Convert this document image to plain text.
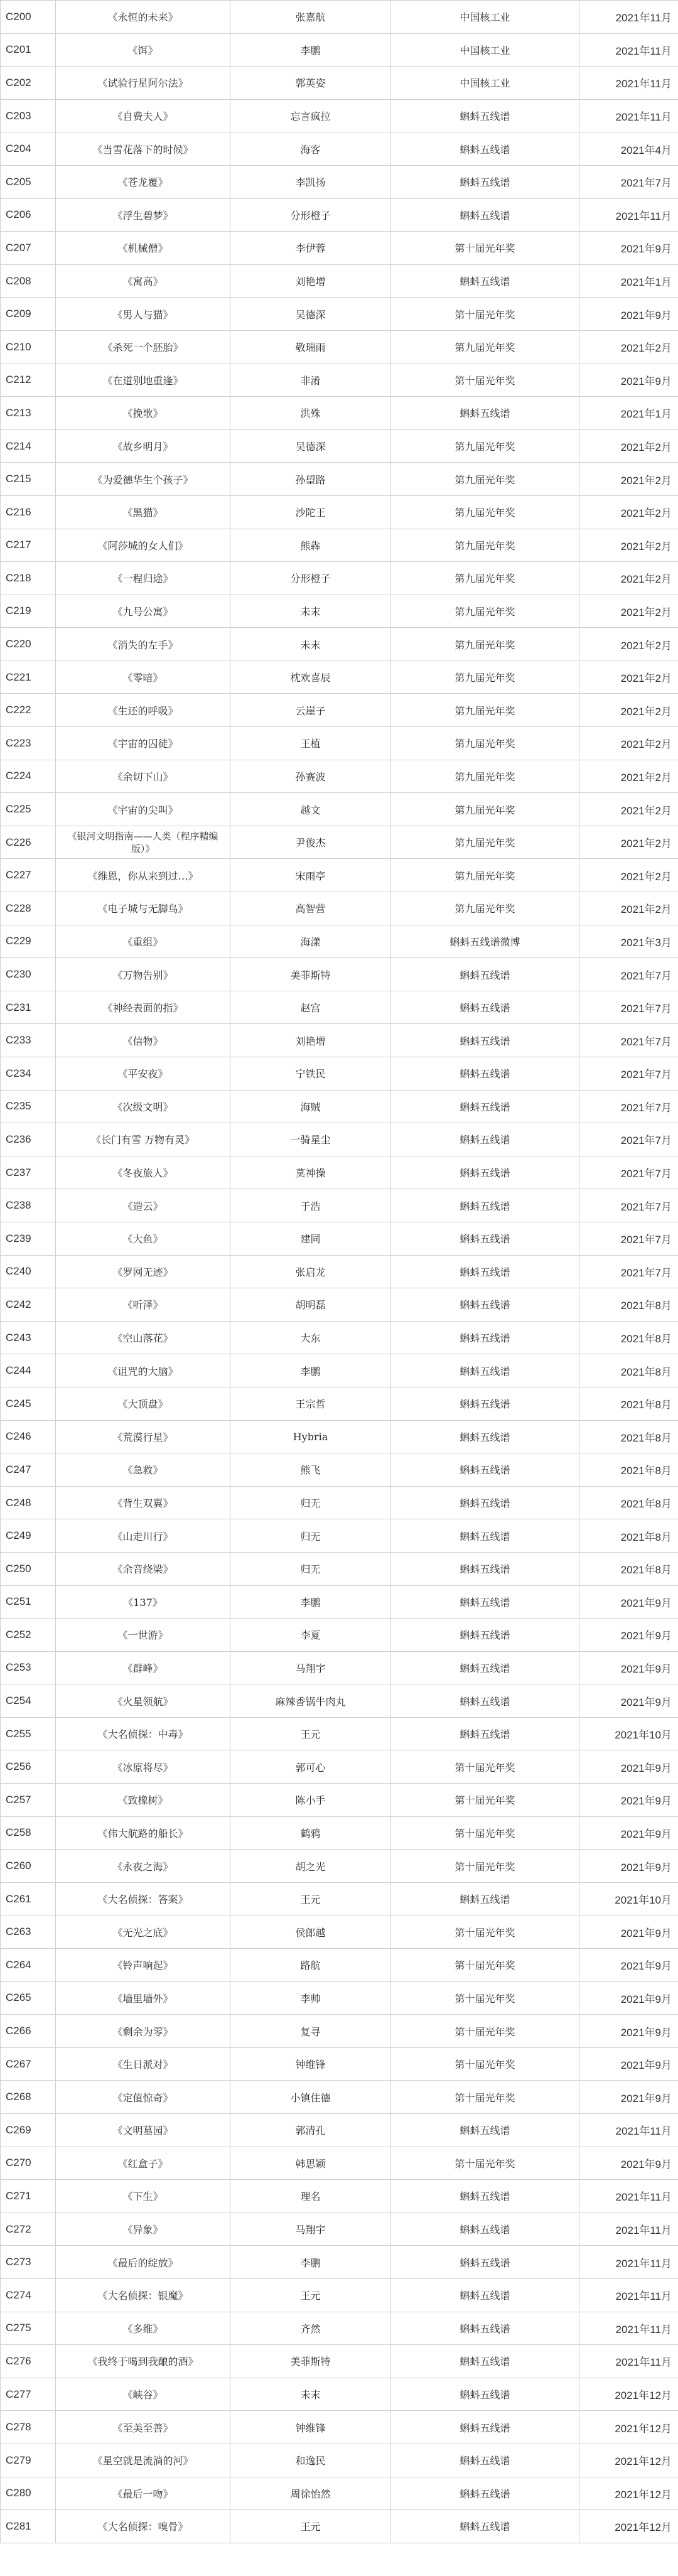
C200	《永恒的未来》	张嘉航	中国核工业	2021年11月
C201	《饵》	李鹏	中国核工业	2021年11月
C202	《试验行星阿尔法》	郭英姿	中国核工业	2021年11月
C203	《自费夫人》	忘言疯拉	蝌蚪五线谱	2021年11月
C204	《当雪花落下的时候》	海客	蝌蚪五线谱	2021年4月
C205	《苍龙覆》	李凯扬	蝌蚪五线谱	2021年7月
C206	《浮生碧梦》	分形橙子	蝌蚪五线谱	2021年11月
C207	《机械僧》	李伊蓉	第十届光年奖	2021年9月
C208	《寓高》	刘艳增	蝌蚪五线谱	2021年1月
C209	《男人与猫》	吴德深	第十届光年奖	2021年9月
C210	《杀死一个胚胎》	敬瑞雨	第九届光年奖	2021年2月
C212	《在道别地重逢》	非淆	第十届光年奖	2021年9月
C213	《挽歌》	洪殊	蝌蚪五线谱	2021年1月
C214	《故乡明月》	吴德深	第九届光年奖	2021年2月
C215	《为爱德华生个孩子》	孙望路	第九届光年奖	2021年2月
C216	《黑猫》	沙陀王	第九届光年奖	2021年2月
C217	《阿莎城的女人们》	熊犇	第九届光年奖	2021年2月
C218	《一程归途》	分形橙子	第九届光年奖	2021年2月
C219	《九号公寓》	未末	第九届光年奖	2021年2月
C220	《消失的左手》	未末	第九届光年奖	2021年2月
C221	《零暗》	枕欢喜辰	第九届光年奖	2021年2月
C222	《生还的呼吸》	云崖子	第九届光年奖	2021年2月
C223	《宇宙的囚徒》	王植	第九届光年奖	2021年2月
C224	《余切下山》	孙赛波	第九届光年奖	2021年2月
C225	《宇宙的尖叫》	越文	第九届光年奖	2021年2月
C226	《银河文明指南——人类（程序精编版）》	尹俊杰	第九届光年奖	2021年2月
C227	《维恩，你从来到过…》	宋雨亭	第九届光年奖	2021年2月
C228	《电子城与无脚鸟》	高智营	第九届光年奖	2021年2月
C229	《重组》	海漾	蝌蚪五线谱微博	2021年3月
C230	《万物告别》	美菲斯特	蝌蚪五线谱	2021年7月
C231	《神经表面的指》	赵宫	蝌蚪五线谱	2021年7月
C233	《信物》	刘艳增	蝌蚪五线谱	2021年7月
C234	《平安夜》	宁铁民	蝌蚪五线谱	2021年7月
C235	《次级文明》	海贼	蝌蚪五线谱	2021年7月
C236	《长门有雪 万物有灵》	一骑星尘	蝌蚪五线谱	2021年7月
C237	《冬夜旅人》	莫神操	蝌蚪五线谱	2021年7月
C238	《造云》	于浩	蝌蚪五线谱	2021年7月
C239	《大鱼》	建同	蝌蚪五线谱	2021年7月
C240	《罗网无迹》	张启龙	蝌蚪五线谱	2021年7月
C242	《听泽》	胡明磊	蝌蚪五线谱	2021年8月
C243	《空山落花》	大东	蝌蚪五线谱	2021年8月
C244	《诅咒的大脑》	李鹏	蝌蚪五线谱	2021年8月
C245	《大顶盘》	王宗哲	蝌蚪五线谱	2021年8月
C246	《荒漠行星》	Hybria	蝌蚪五线谱	2021年8月
C247	《急救》	熊飞	蝌蚪五线谱	2021年8月
C248	《背生双翼》	归无	蝌蚪五线谱	2021年8月
C249	《山走川行》	归无	蝌蚪五线谱	2021年8月
C250	《余音绕梁》	归无	蝌蚪五线谱	2021年8月
C251	《137》	李鹏	蝌蚪五线谱	2021年9月
C252	《一世游》	李夏	蝌蚪五线谱	2021年9月
C253	《群峰》	马翔宇	蝌蚪五线谱	2021年9月
C254	《火星领航》	麻辣香锅牛肉丸	蝌蚪五线谱	2021年9月
C255	《大名侦探：中毒》	王元	蝌蚪五线谱	2021年10月
C256	《冰原将尽》	郭可心	第十届光年奖	2021年9月
C257	《致橡树》	陈小手	第十届光年奖	2021年9月
C258	《伟大航路的船长》	鹤鸦	第十届光年奖	2021年9月
C260	《永夜之海》	胡之光	第十届光年奖	2021年9月
C261	《大名侦探：答案》	王元	蝌蚪五线谱	2021年10月
C263	《无光之底》	侯郎越	第十届光年奖	2021年9月
C264	《铃声响起》	路航	第十届光年奖	2021年9月
C265	《墙里墙外》	李帅	第十届光年奖	2021年9月
C266	《剩余为零》	复寻	第十届光年奖	2021年9月
C267	《生日派对》	钟维锋	第十届光年奖	2021年9月
C268	《定值惊奇》	小镇住德	第十届光年奖	2021年9月
C269	《文明墓园》	郭清孔	蝌蚪五线谱	2021年11月
C270	《红盒子》	韩思颖	第十届光年奖	2021年9月
C271	《下生》	理名	蝌蚪五线谱	2021年11月
C272	《异象》	马翔宇	蝌蚪五线谱	2021年11月
C273	《最后的绽放》	李鹏	蝌蚪五线谱	2021年11月
C274	《大名侦探：银魔》	王元	蝌蚪五线谱	2021年11月
C275	《多维》	齐然	蝌蚪五线谱	2021年11月
C276	《我终于喝到我酿的酒》	美菲斯特	蝌蚪五线谱	2021年11月
C277	《峡谷》	未末	蝌蚪五线谱	2021年12月
C278	《至美至善》	钟维锋	蝌蚪五线谱	2021年12月
C279	《星空就是流淌的河》	和逸民	蝌蚪五线谱	2021年12月
C280	《最后一吻》	周徐怡然	蝌蚪五线谱	2021年12月
C281	《大名侦探：嗅骨》	王元	蝌蚪五线谱	2021年12月
